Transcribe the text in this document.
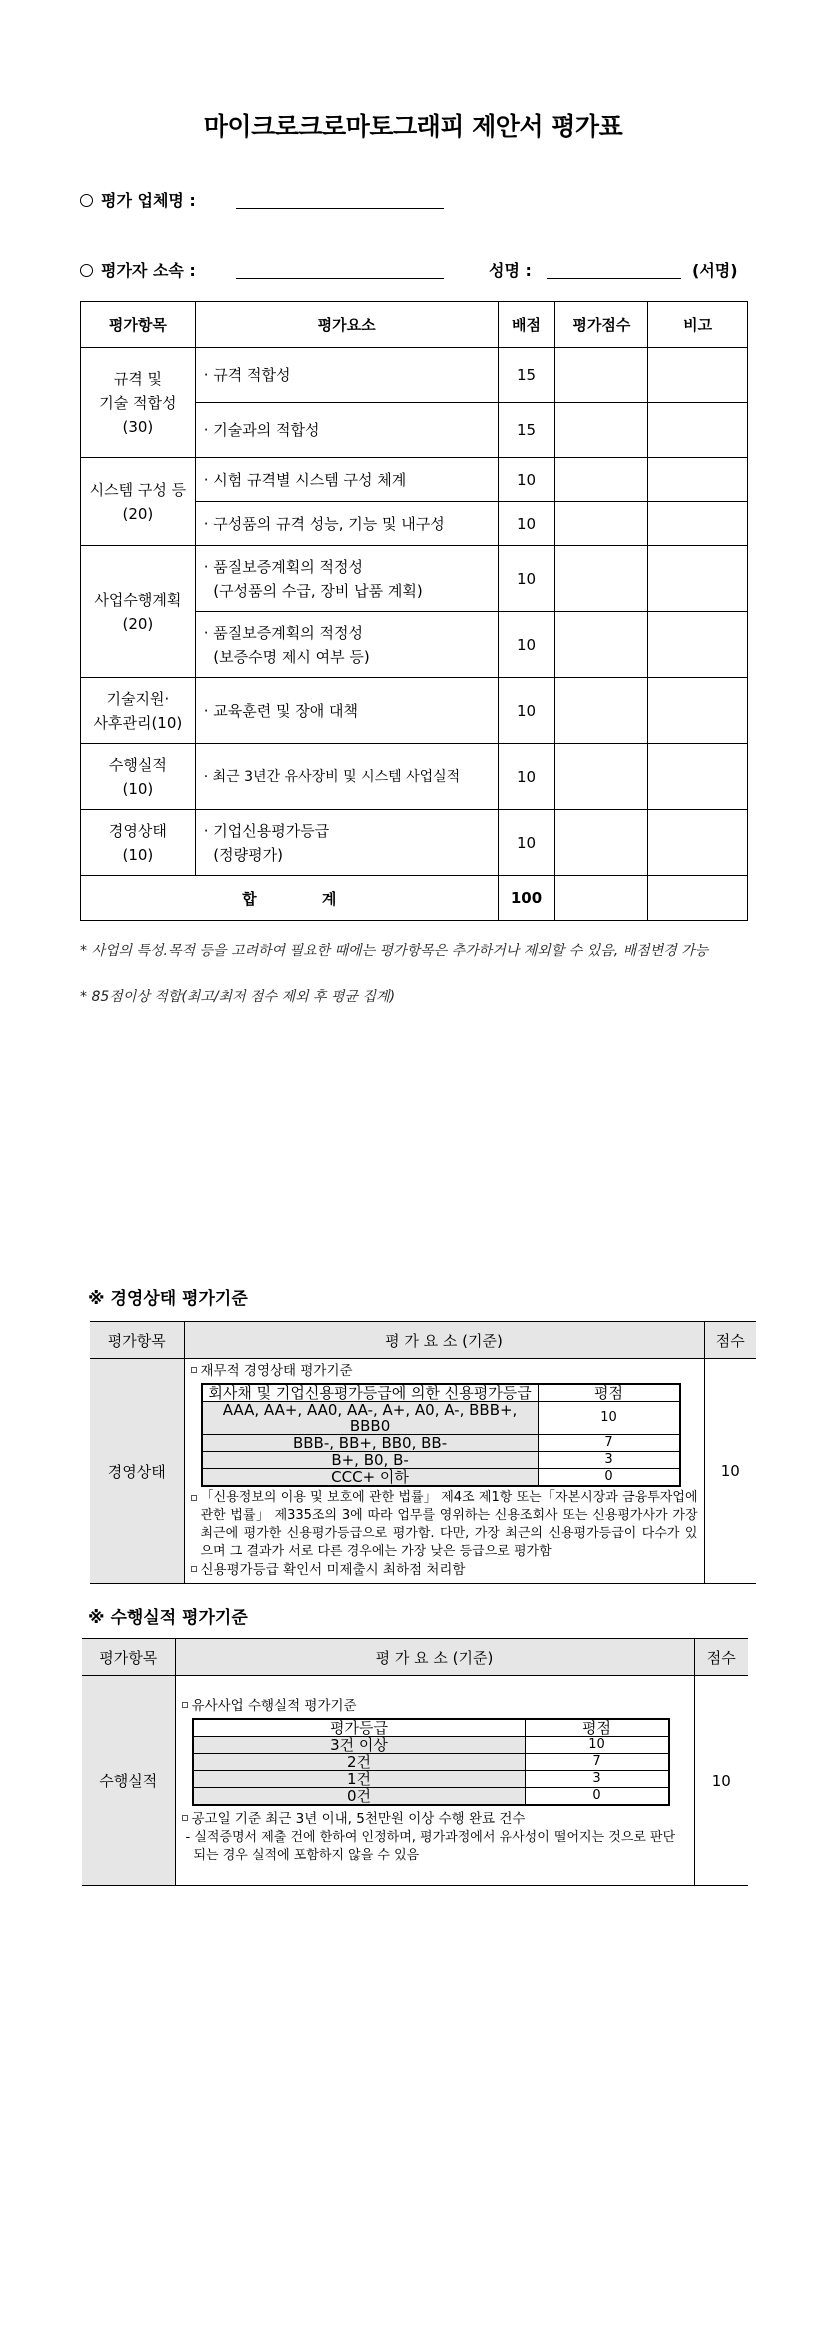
마이크로크로마토그래피 제안서 평가표
평가 업체명 :
평가자 소속 :	성명 :	(서명)
평가항목	평가요소	배점	평가점수	비고
규격 및
기술 적합성
(30)	· 규격 적합성	15		
	· 기술과의 적합성	15		
시스템 구성 등
(20)	· 시험 규격별 시스템 구성 체계	10		
	· 구성품의 규격 성능, 기능 및 내구성	10		
사업수행계획
(20)	· 품질보증계획의 적정성
(구성품의 수급, 장비 납품 계획)	10		
	· 품질보증계획의 적정성
(보증수명 제시 여부 등)	10		
기술지원·
사후관리(10)	· 교육훈련 및 장애 대책	10		
수행실적
(10)	· 최근 3년간 유사장비 및 시스템 사업실적	10		
경영상태
(10)	· 기업신용평가등급
(정량평가)	10		
합 계		100		
* 사업의 특성.목적 등을 고려하여 필요한 때에는 평가항목은 추가하거나 제외할 수 있음, 배점변경 가능
* 85점이상 적합(최고/최저 점수 제외 후 평균 집계)
※ 경영상태 평가기준
평가항목	평 가 요 소 (기준)	점수
경영상태	
재무적 경영상태 평가기준
회사채 및 기업신용평가등급에 의한 신용평가등급	평점
AAA, AA+, AA0, AA-, A+, A0, A-, BBB+, BBB0	10
BBB-, BB+, BB0, BB-	7
B+, B0, B-	3
CCC+ 이하	0
「신용정보의 이용 및 보호에 관한 법률」 제4조 제1항 또는「자본시장과 금융투자업에 관한 법률」 제335조의 3에 따라 업무를 영위하는 신용조회사 또는 신용평가사가 가장 최근에 평가한 신용평가등급으로 평가함. 다만, 가장 최근의 신용평가등급이 다수가 있으며 그 결과가 서로 다른 경우에는 가장 낮은 등급으로 평가함
신용평가등급 확인서 미제출시 최하점 처리함
	10
※ 수행실적 평가기준
평가항목	평 가 요 소 (기준)	점수
수행실적	
유사사업 수행실적 평가기준
평가등급	평점
3건 이상	10
2건	7
1건	3
0건	0
공고일 기준 최근 3년 이내, 5천만원 이상 수행 완료 건수
- 실적증명서 제출 건에 한하여 인정하며, 평가과정에서 유사성이 떨어지는 것으로 판단되는 경우 실적에 포함하지 않을 수 있음
	10
